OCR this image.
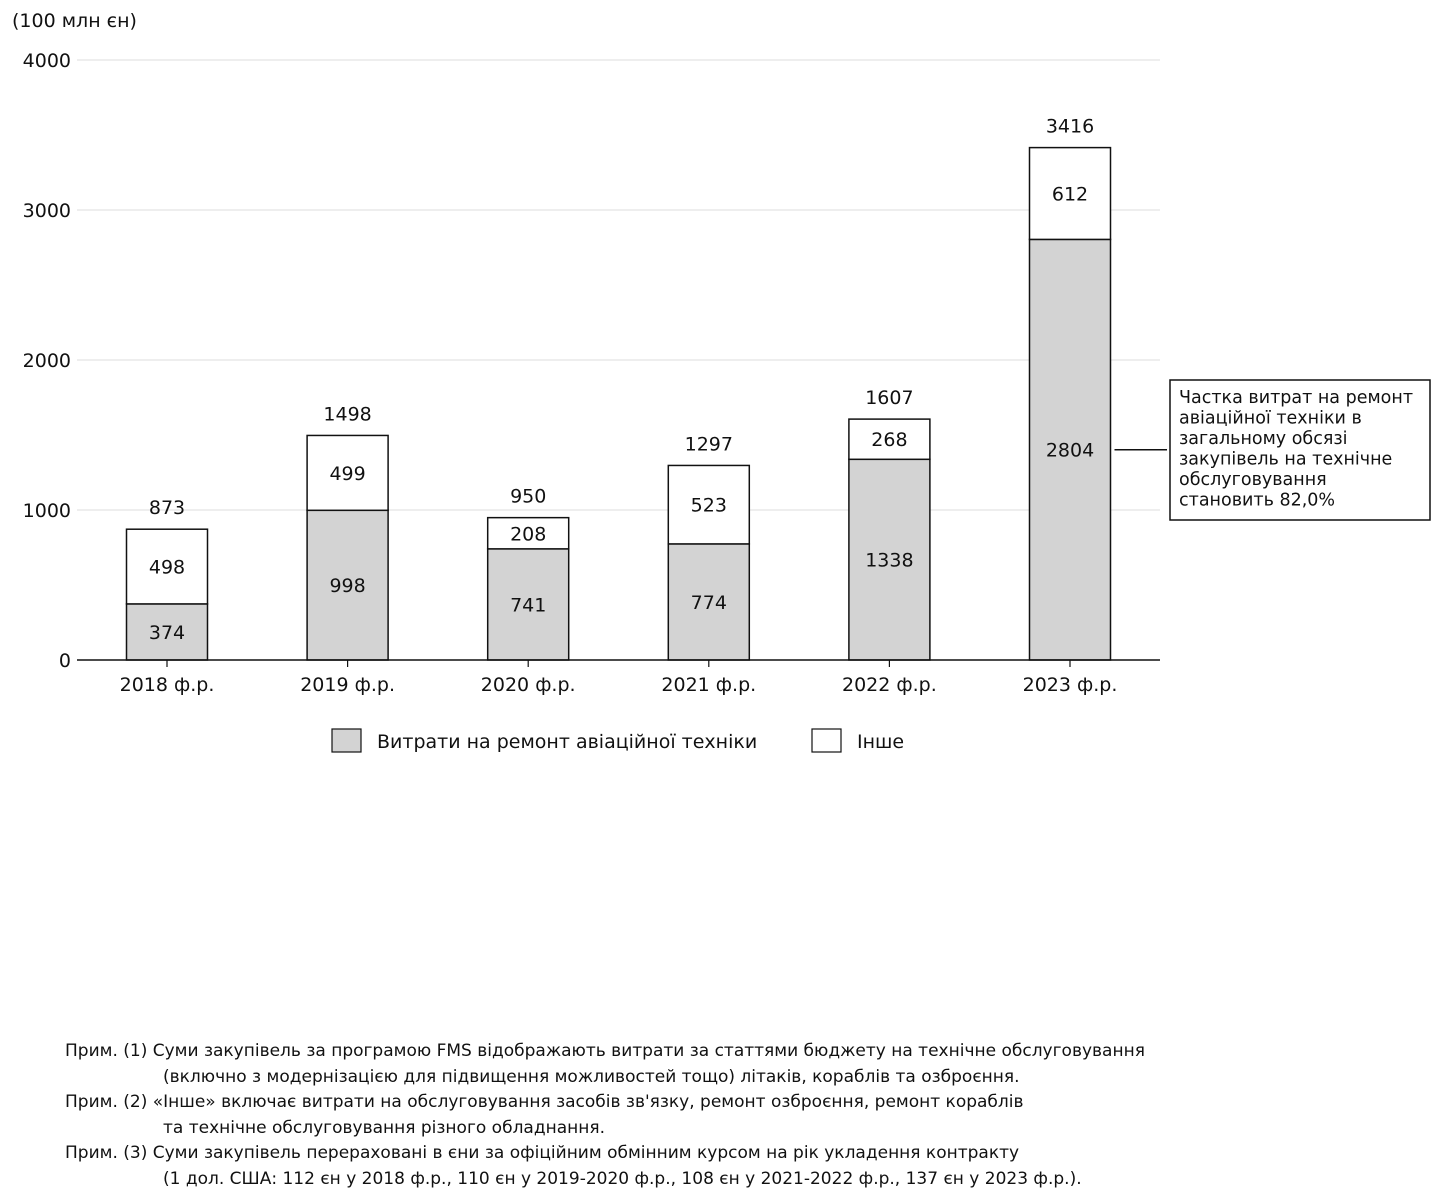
(100 млн єн)
0
1000
2000
3000
4000
374
498
873
2018 ф.р.
998
499
1498
2019 ф.р.
741
208
950
2020 ф.р.
774
523
1297
2021 ф.р.
1338
268
1607
2022 ф.р.
2804
612
3416
2023 ф.р.
Частка витрат на ремонт
авіаційної техніки в
загальному обсязі
закупівель на технічне
обслуговування
становить 82,0%
Витрати на ремонт авіаційної техніки	Інше
Прим. (1) Суми закупівель за програмою FMS відображають витрати за статтями бюджету на технічне обслуговування
(включно з модернізацією для підвищення можливостей тощо) літаків, кораблів та озброєння.
Прим. (2) «Інше» включає витрати на обслуговування засобів зв'язку, ремонт озброєння, ремонт кораблів
та технічне обслуговування різного обладнання.
Прим. (3) Суми закупівель перераховані в єни за офіційним обмінним курсом на рік укладення контракту
(1 дол. США: 112 єн у 2018 ф.р., 110 єн у 2019-2020 ф.р., 108 єн у 2021-2022 ф.р., 137 єн у 2023 ф.р.).
